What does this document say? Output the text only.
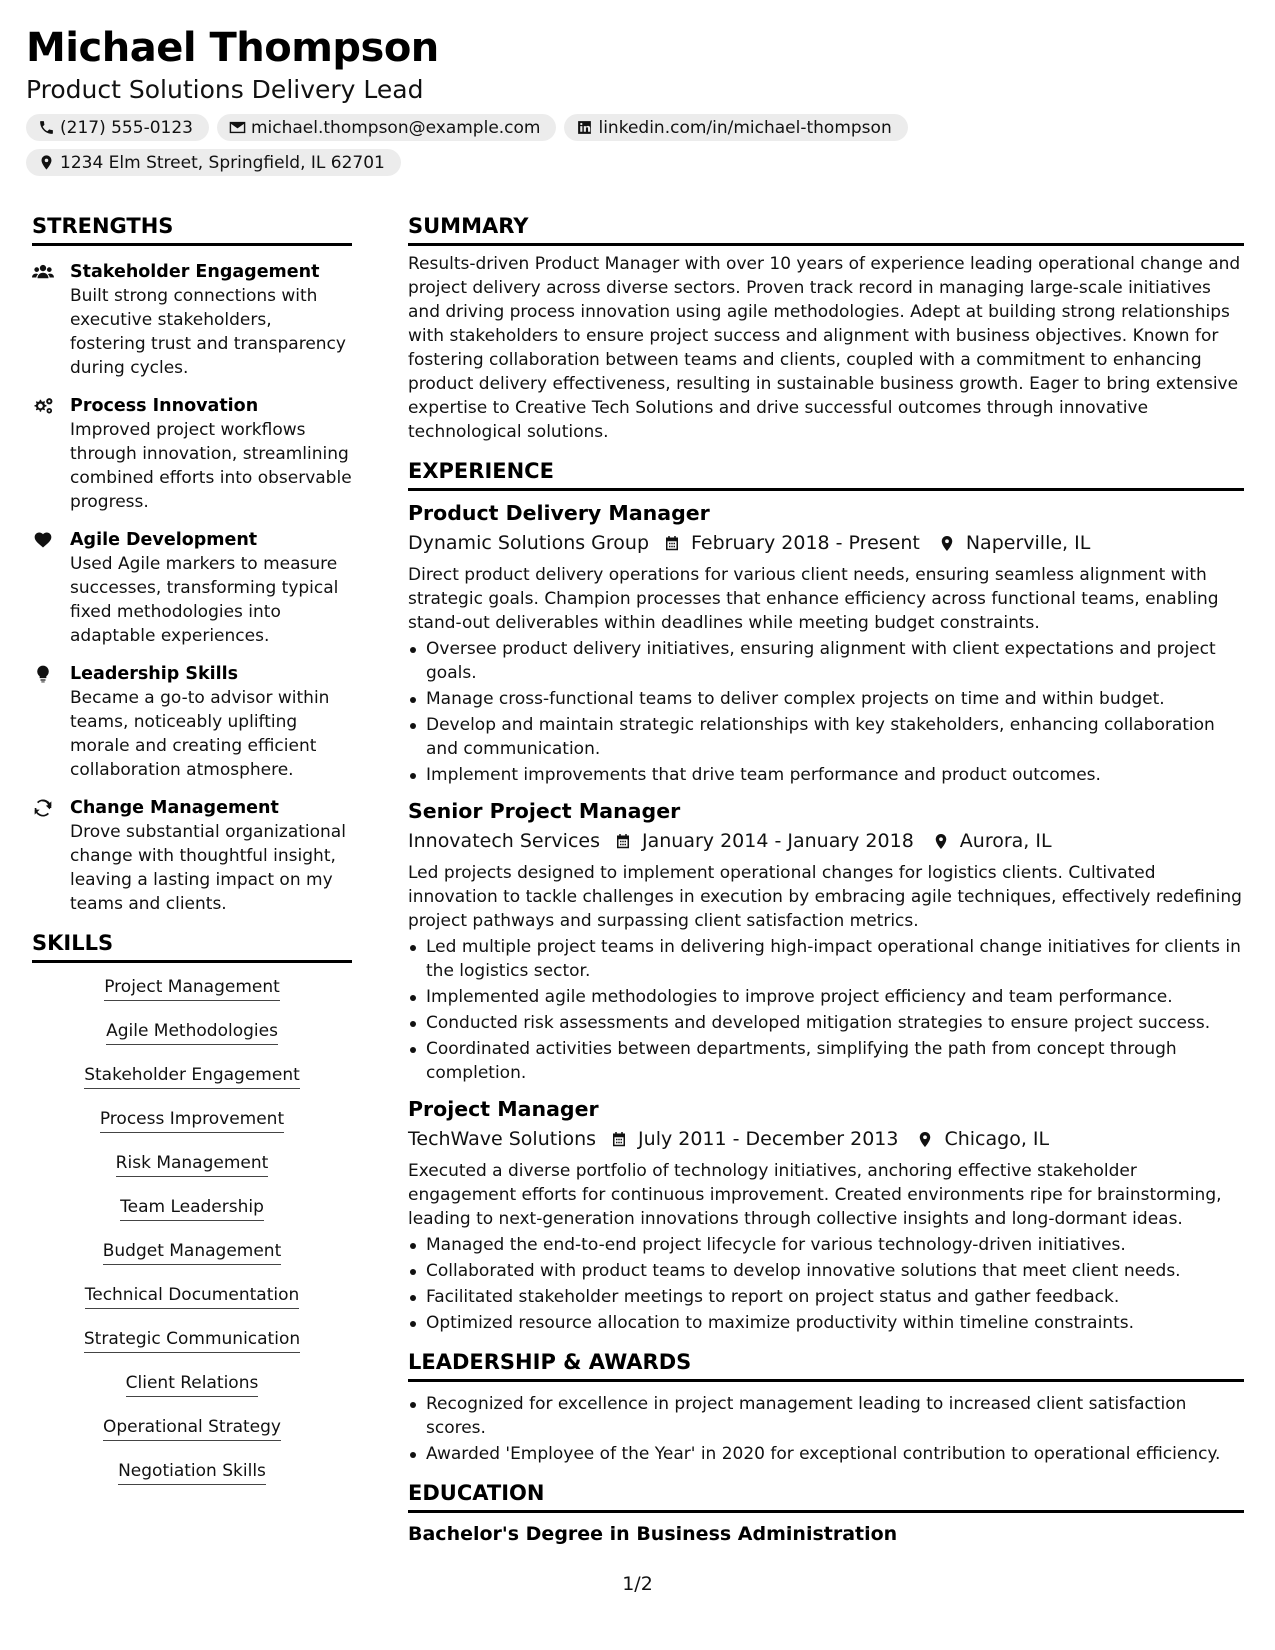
Michael Thompson
Product Solutions Delivery Lead
(217) 555-0123	michael.thompson@example.com	linkedin.com/in/michael-thompson
1234 Elm Street, Springfield, IL 62701
STRENGTHS
Stakeholder Engagement
Built strong connections with executive stakeholders, fostering trust and transparency during cycles.
Process Innovation
Improved project workflows through innovation, streamlining combined efforts into observable progress.
Agile Development
Used Agile markers to measure successes, transforming typical fixed methodologies into adaptable experiences.
Leadership Skills
Became a go-to advisor within teams, noticeably uplifting morale and creating efficient collaboration atmosphere.
Change Management
Drove substantial organizational change with thoughtful insight, leaving a lasting impact on my teams and clients.
SKILLS
Project Management
Agile Methodologies
Stakeholder Engagement
Process Improvement
Risk Management
Team Leadership
Budget Management
Technical Documentation
Strategic Communication
Client Relations
Operational Strategy
Negotiation Skills
SUMMARY
Results-driven Product Manager with over 10 years of experience leading operational change and project delivery across diverse sectors. Proven track record in managing large-scale initiatives and driving process innovation using agile methodologies. Adept at building strong relationships with stakeholders to ensure project success and alignment with business objectives. Known for fostering collaboration between teams and clients, coupled with a commitment to enhancing product delivery effectiveness, resulting in sustainable business growth. Eager to bring extensive expertise to Creative Tech Solutions and drive successful outcomes through innovative technological solutions.
EXPERIENCE
Product Delivery Manager
Dynamic Solutions Group February 2018 - Present Naperville, IL
Direct product delivery operations for various client needs, ensuring seamless alignment with strategic goals. Champion processes that enhance efficiency across functional teams, enabling stand-out deliverables within deadlines while meeting budget constraints.
Oversee product delivery initiatives, ensuring alignment with client expectations and project goals.
Manage cross-functional teams to deliver complex projects on time and within budget.
Develop and maintain strategic relationships with key stakeholders, enhancing collaboration and communication.
Implement improvements that drive team performance and product outcomes.
Senior Project Manager
Innovatech Services January 2014 - January 2018 Aurora, IL
Led projects designed to implement operational changes for logistics clients. Cultivated innovation to tackle challenges in execution by embracing agile techniques, effectively redefining project pathways and surpassing client satisfaction metrics.
Led multiple project teams in delivering high-impact operational change initiatives for clients in the logistics sector.
Implemented agile methodologies to improve project efficiency and team performance.
Conducted risk assessments and developed mitigation strategies to ensure project success.
Coordinated activities between departments, simplifying the path from concept through completion.
Project Manager
TechWave Solutions July 2011 - December 2013 Chicago, IL
Executed a diverse portfolio of technology initiatives, anchoring effective stakeholder engagement efforts for continuous improvement. Created environments ripe for brainstorming, leading to next-generation innovations through collective insights and long-dormant ideas.
Managed the end-to-end project lifecycle for various technology-driven initiatives.
Collaborated with product teams to develop innovative solutions that meet client needs.
Facilitated stakeholder meetings to report on project status and gather feedback.
Optimized resource allocation to maximize productivity within timeline constraints.
LEADERSHIP & AWARDS
Recognized for excellence in project management leading to increased client satisfaction scores.
Awarded 'Employee of the Year' in 2020 for exceptional contribution to operational efficiency.
EDUCATION
Bachelor's Degree in Business Administration
1/2
